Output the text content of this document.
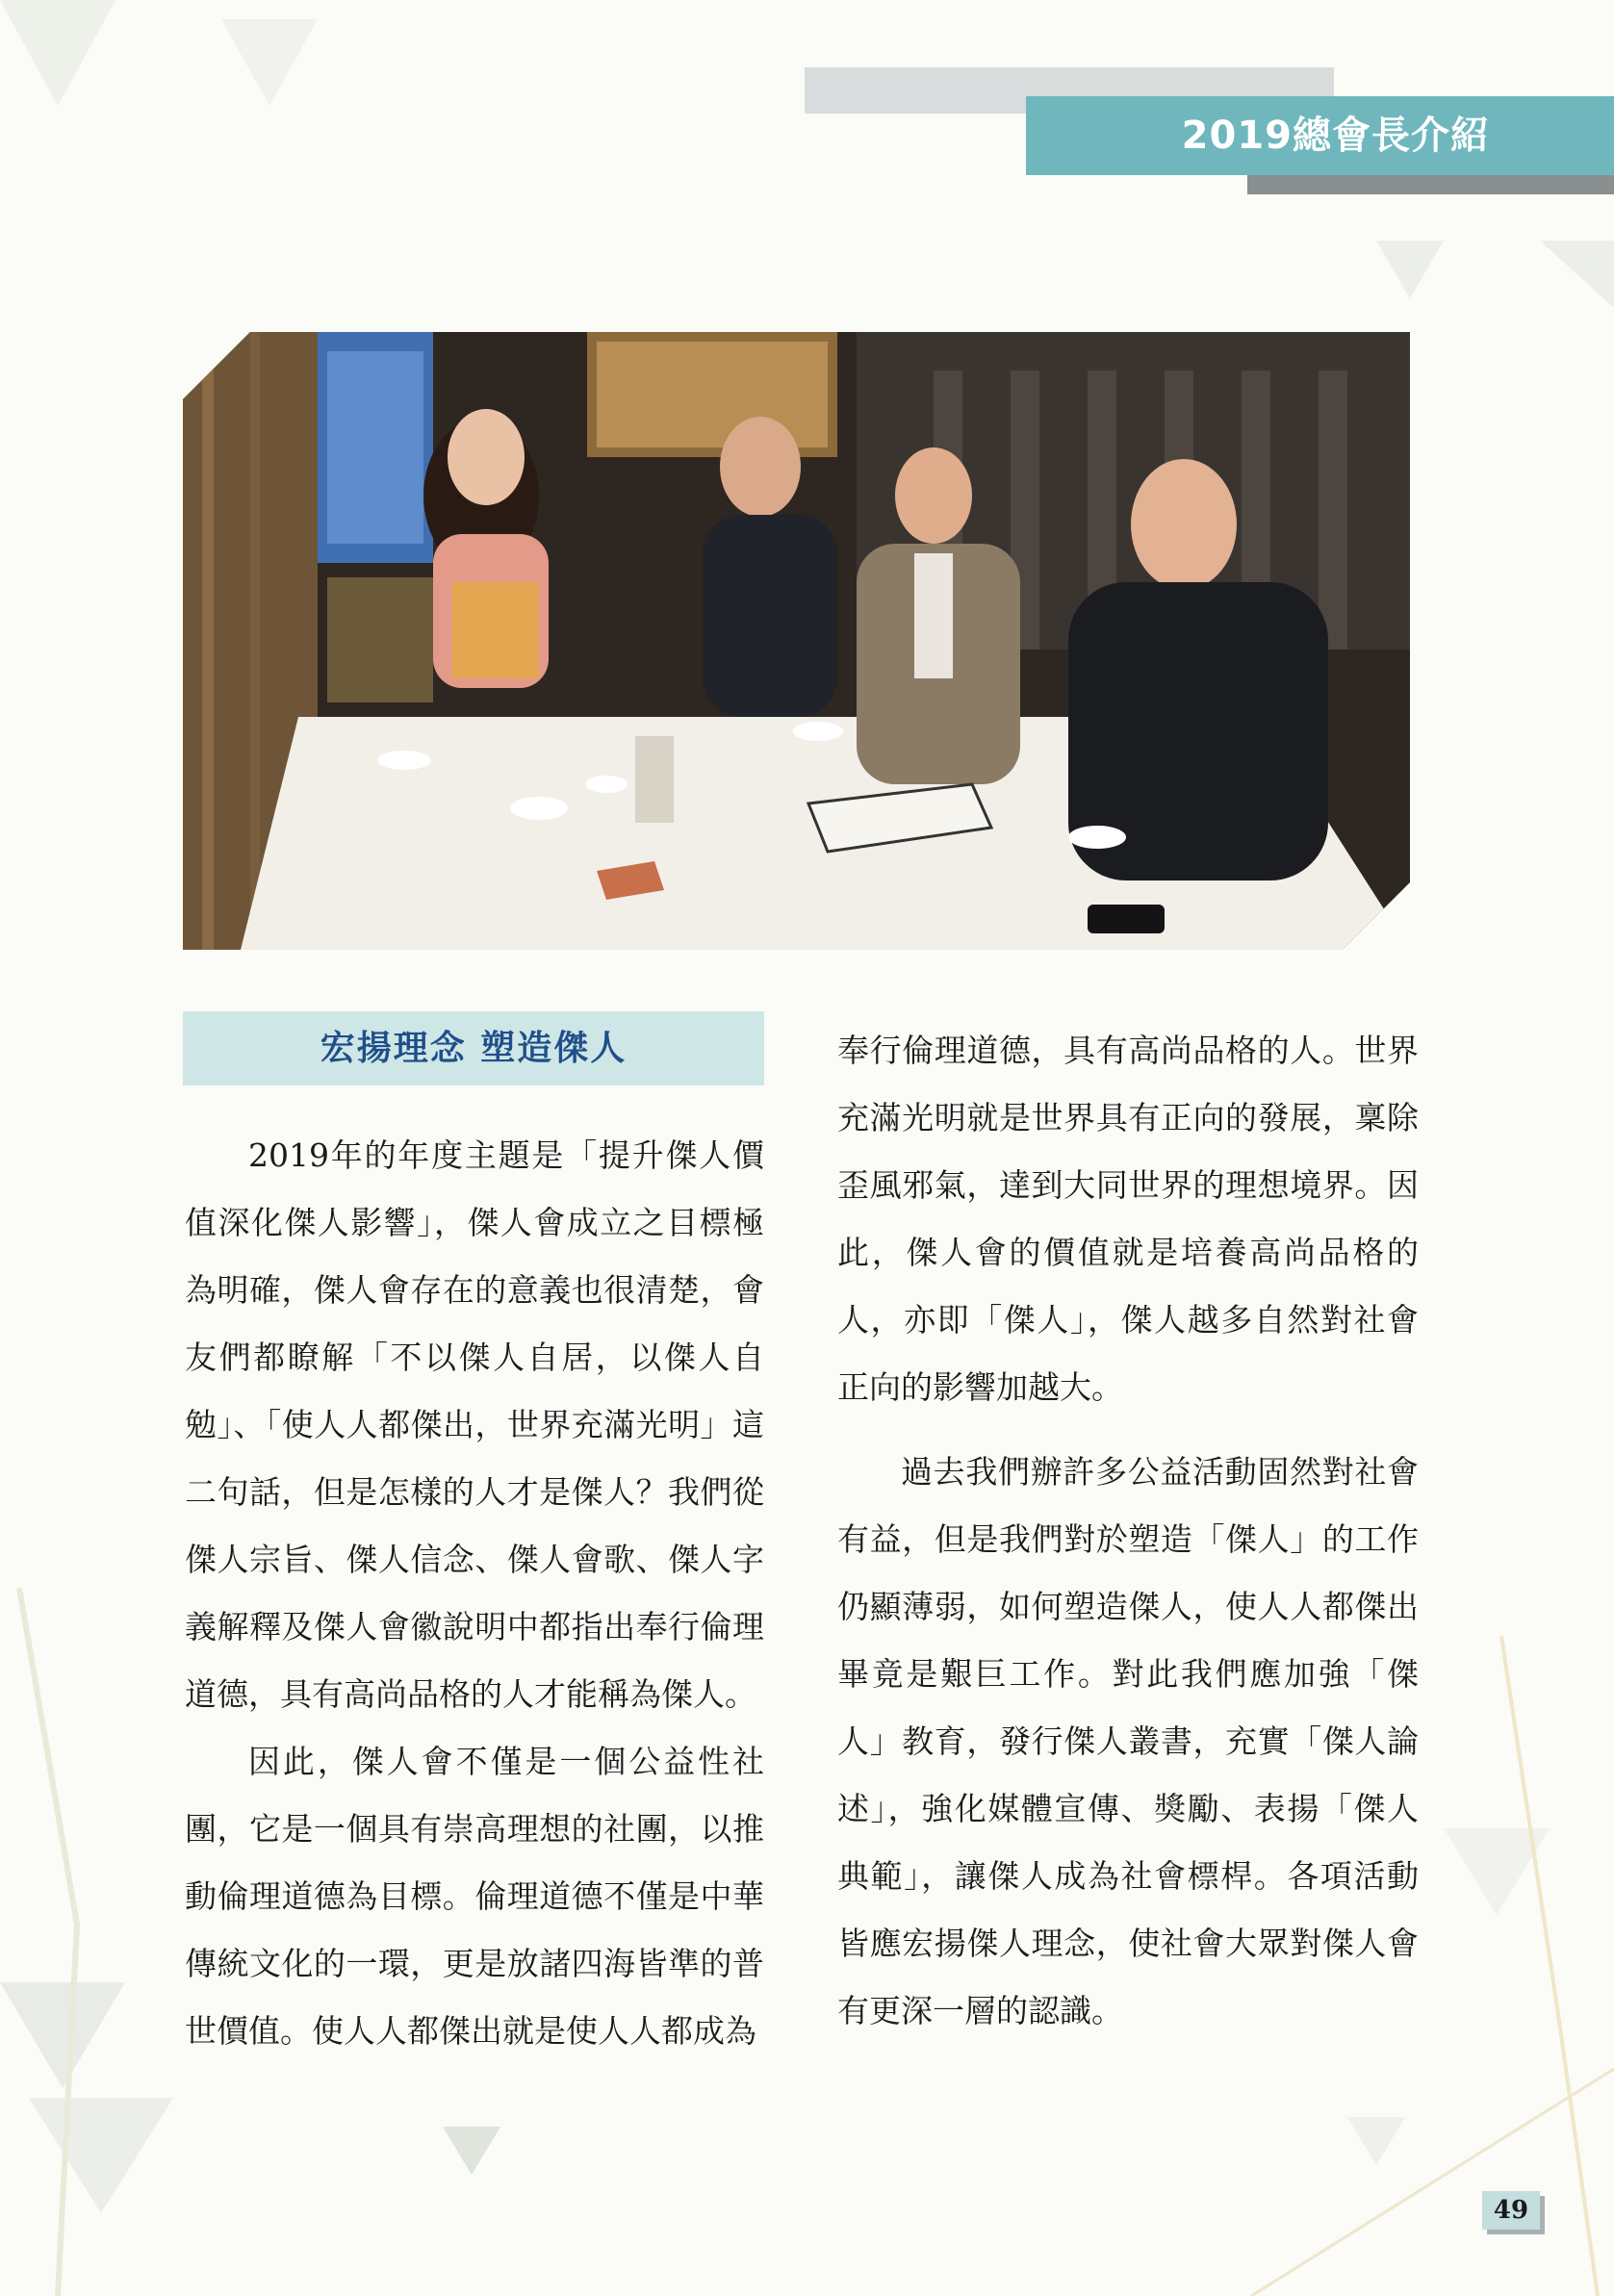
2019總會長介紹
宏揚理念 塑造傑人

2019年的年度主題是「提升傑人價值深化傑人影響」，傑人會成立之目標極為明確，傑人會存在的意義也很清楚，會友們都瞭解「不以傑人自居，以傑人自勉」、「使人人都傑出，世界充滿光明」這二句話，但是怎樣的人才是傑人？我們從傑人宗旨、傑人信念、傑人會歌、傑人字義解釋及傑人會徽說明中都指出奉行倫理道德，具有高尚品格的人才能稱為傑人。

因此，傑人會不僅是一個公益性社團，它是一個具有崇高理想的社團，以推動倫理道德為目標。倫理道德不僅是中華傳統文化的一環，更是放諸四海皆準的普世價值。使人人都傑出就是使人人都成為

奉行倫理道德，具有高尚品格的人。世界充滿光明就是世界具有正向的發展，稟除歪風邪氣，達到大同世界的理想境界。因此，傑人會的價值就是培養高尚品格的人，亦即「傑人」，傑人越多自然對社會正向的影響加越大。

過去我們辦許多公益活動固然對社會有益，但是我們對於塑造「傑人」的工作仍顯薄弱，如何塑造傑人，使人人都傑出畢竟是艱巨工作。對此我們應加強「傑人」教育，發行傑人叢書，充實「傑人論述」，強化媒體宣傳、獎勵、表揚「傑人典範」，讓傑人成為社會標桿。各項活動皆應宏揚傑人理念，使社會大眾對傑人會有更深一層的認識。

49
